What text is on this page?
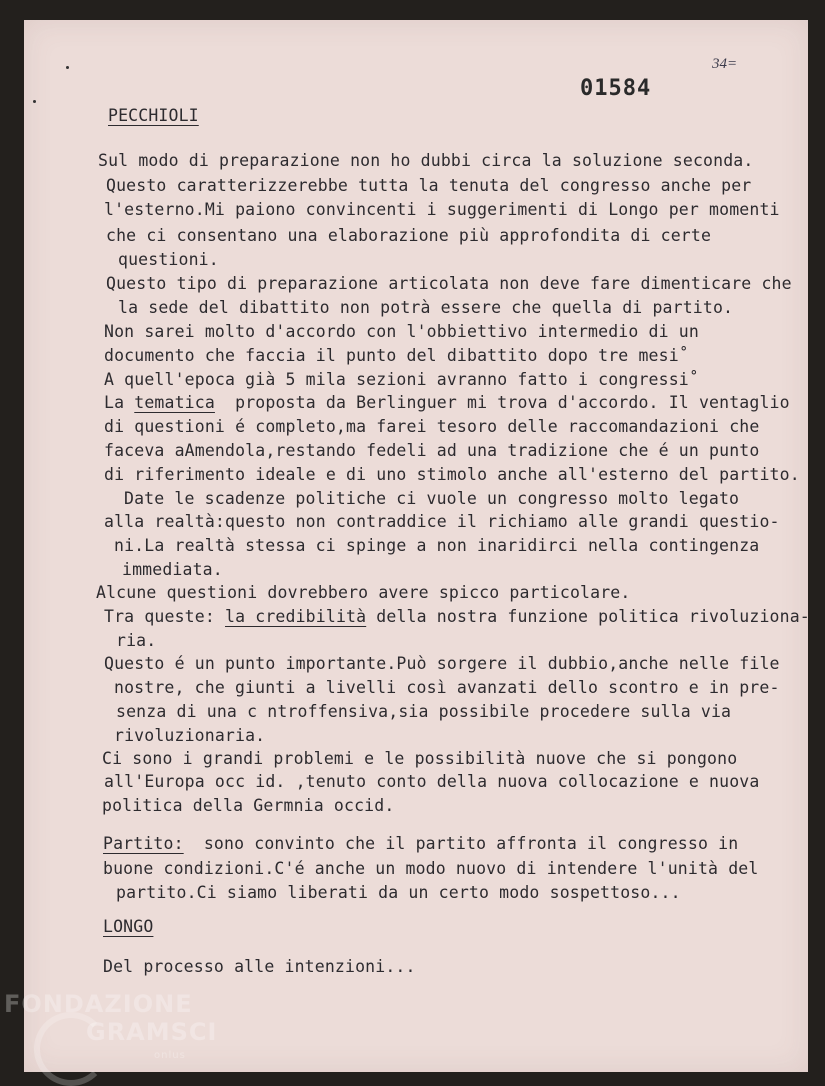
34=
01584
PECCHIOLI
Sul modo di preparazione non ho dubbi circa la soluzione seconda.
Questo caratterizzerebbe tutta la tenuta del congresso anche per
l'esterno.Mi paiono convincenti i suggerimenti di Longo per momenti
che ci consentano una elaborazione più approfondita di certe
questioni.
Questo tipo di preparazione articolata non deve fare dimenticare che
la sede del dibattito non potrà essere che quella di partito.
Non sarei molto d'accordo con l'obbiettivo intermedio di un
documento che faccia il punto del dibattito dopo tre mesi˚
A quell'epoca già 5 mila sezioni avranno fatto i congressi˚
La tematica  proposta da Berlinguer mi trova d'accordo. Il ventaglio
di questioni é completo,ma farei tesoro delle raccomandazioni che
faceva aAmendola,restando fedeli ad una tradizione che é un punto
di riferimento ideale e di uno stimolo anche all'esterno del partito.
Date le scadenze politiche ci vuole un congresso molto legato
alla realtà:questo non contraddice il richiamo alle grandi questio-
ni.La realtà stessa ci spinge a non inaridirci nella contingenza
immediata.
Alcune questioni dovrebbero avere spicco particolare.
Tra queste: la credibilità della nostra funzione politica rivoluziona-
ria.
Questo é un punto importante.Può sorgere il dubbio,anche nelle file
nostre, che giunti a livelli così avanzati dello scontro e in pre-
senza di una c ntroffensiva,sia possibile procedere sulla via
rivoluzionaria.
Ci sono i grandi problemi e le possibilità nuove che si pongono
all'Europa occ id. ,tenuto conto della nuova collocazione e nuova
politica della Germnia occid.
Partito:  sono convinto che il partito affronta il congresso in
buone condizioni.C'é anche un modo nuovo di intendere l'unità del
partito.Ci siamo liberati da un certo modo sospettoso...
LONGO
Del processo alle intenzioni...
FONDAZIONE
GRAMSCI
onlus
